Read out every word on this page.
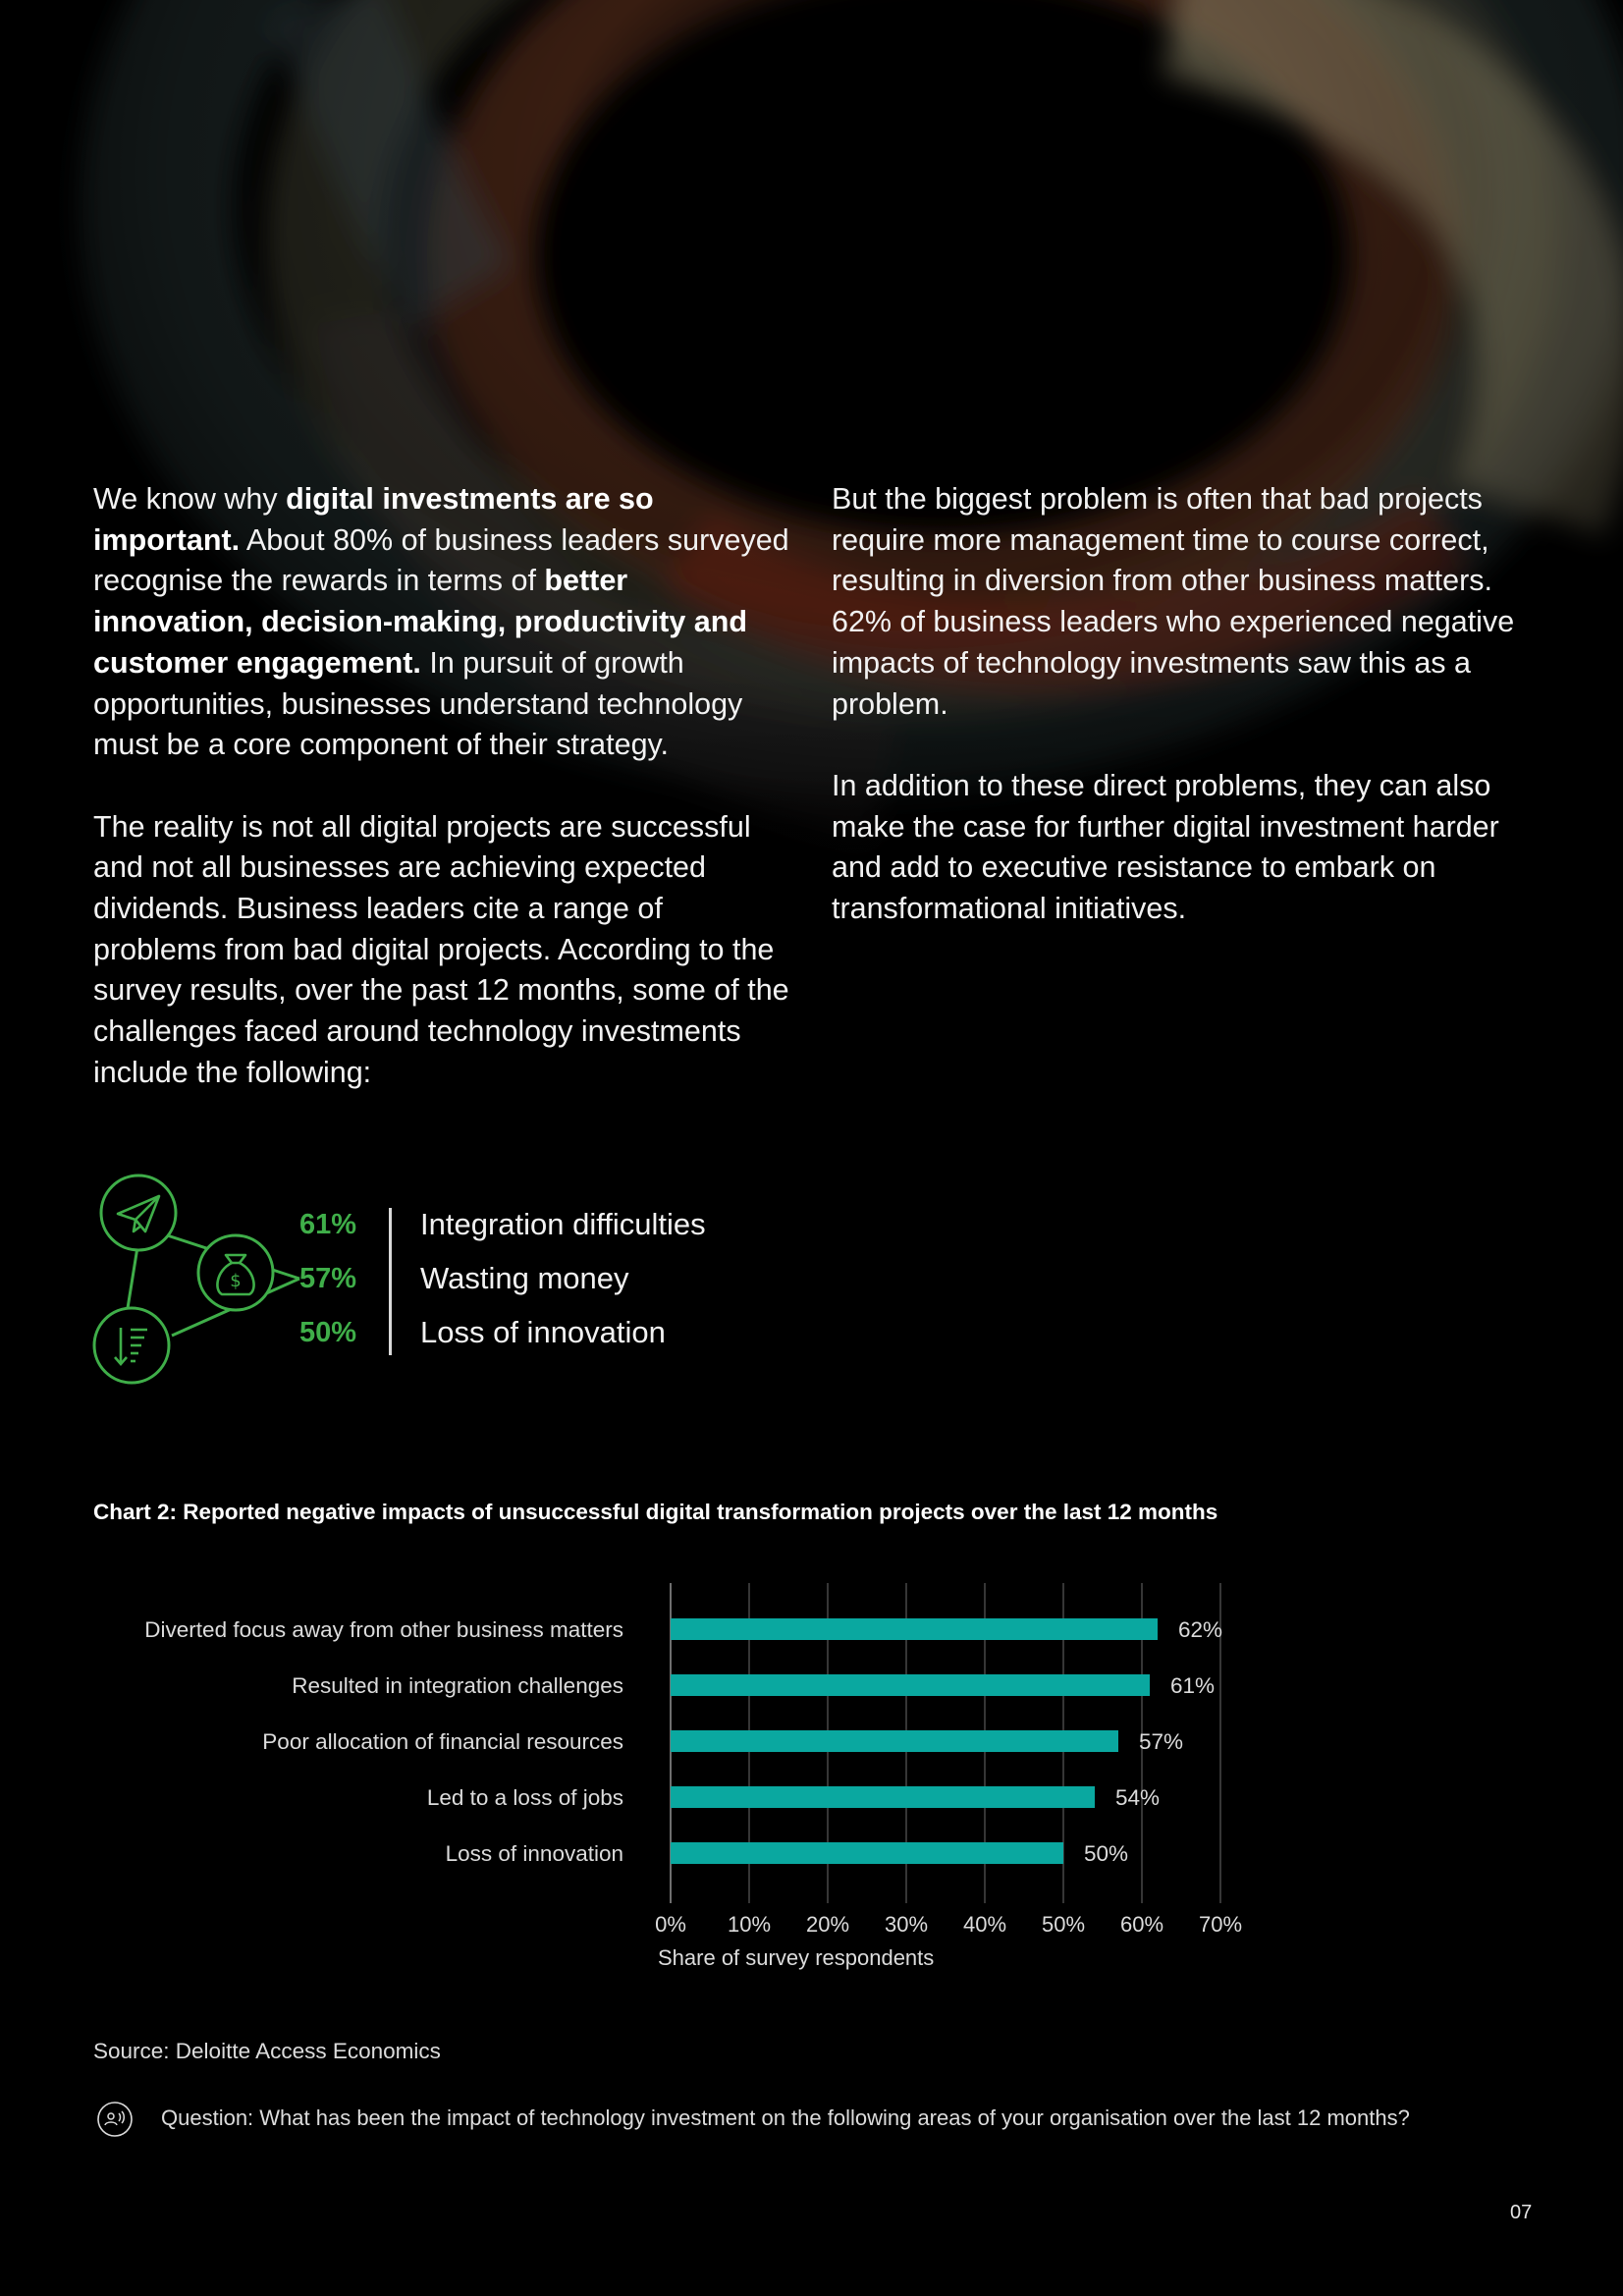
We know why digital investments are so important. About 80% of business leaders surveyed recognise the rewards in terms of better innovation, decision-making, productivity and customer engagement. In pursuit of growth opportunities, businesses understand technology must be a core component of their strategy.

The reality is not all digital projects are successful and not all businesses are achieving expected dividends. Business leaders cite a range of problems from bad digital projects. According to the survey results, over the past 12 months, some of the challenges faced around technology investments include the following:

But the biggest problem is often that bad projects require more management time to course correct, resulting in diversion from other business matters. 62% of business leaders who experienced negative impacts of technology investments saw this as a problem.

In addition to these direct problems, they can also make the case for further digital investment harder and add to executive resistance to embark on transformational initiatives.

$
61%	Integration difficulties
57%	Wasting money
50%	Loss of innovation
Chart 2: Reported negative impacts of unsuccessful digital transformation projects over the last 12 months
Diverted focus away from other business matters
Resulted in integration challenges
Poor allocation of financial resources
Led to a loss of jobs
Loss of innovation
62%
61%
57%
54%
50%
0% 10% 20% 30% 40% 50% 60% 70%
Share of survey respondents
Source: Deloitte Access Economics
Question: What has been the impact of technology investment on the following areas of your organisation over the last 12 months?
07
